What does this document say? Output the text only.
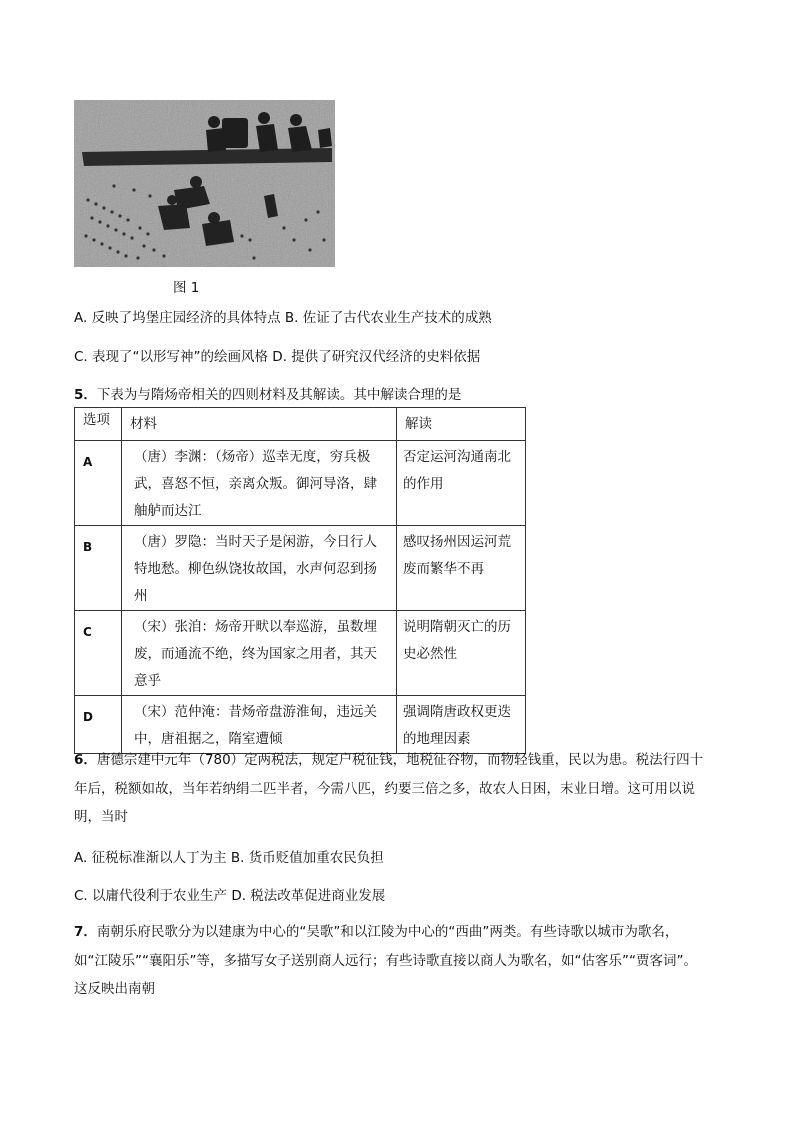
图 1
A. 反映了坞堡庄园经济的具体特点 B. 佐证了古代农业生产技术的成熟
C. 表现了“以形写神”的绘画风格 D. 提供了研究汉代经济的史料依据
5．下表为与隋炀帝相关的四则材料及其解读。其中解读合理的是
选项	材料	解读

A	（唐）李渊：（炀帝）巡幸无度，穷兵极武，喜怒不恒，亲离众叛。御河导洛，肆舳舻而达江	否定运河沟通南北的作用

B	（唐）罗隐：当时天子是闲游，今日行人特地愁。柳色纵饶妆故国，水声何忍到扬州	感叹扬州因运河荒废而繁华不再

C	（宋）张洎：炀帝开畎以奉巡游，虽数埋废，而通流不绝，终为国家之用者，其天意乎	说明隋朝灭亡的历史必然性

D	（宋）范仲淹：昔炀帝盘游淮甸，违远关中，唐祖据之，隋室遭倾	强调隋唐政权更迭的地理因素
6．唐德宗建中元年（780）定两税法，规定户税征钱，地税征谷物，而物轻钱重，民以为患。税法行四十年后，税额如故，当年若纳绢二匹半者，今需八匹，约要三倍之多，故农人日困，末业日增。这可用以说明，当时
A. 征税标准渐以人丁为主 B. 货币贬值加重农民负担
C. 以庸代役利于农业生产 D. 税法改革促进商业发展
7．南朝乐府民歌分为以建康为中心的“吴歌”和以江陵为中心的“西曲”两类。有些诗歌以城市为歌名，如“江陵乐”“襄阳乐”等，多描写女子送别商人远行；有些诗歌直接以商人为歌名，如“估客乐”“贾客词”。这反映出南朝
